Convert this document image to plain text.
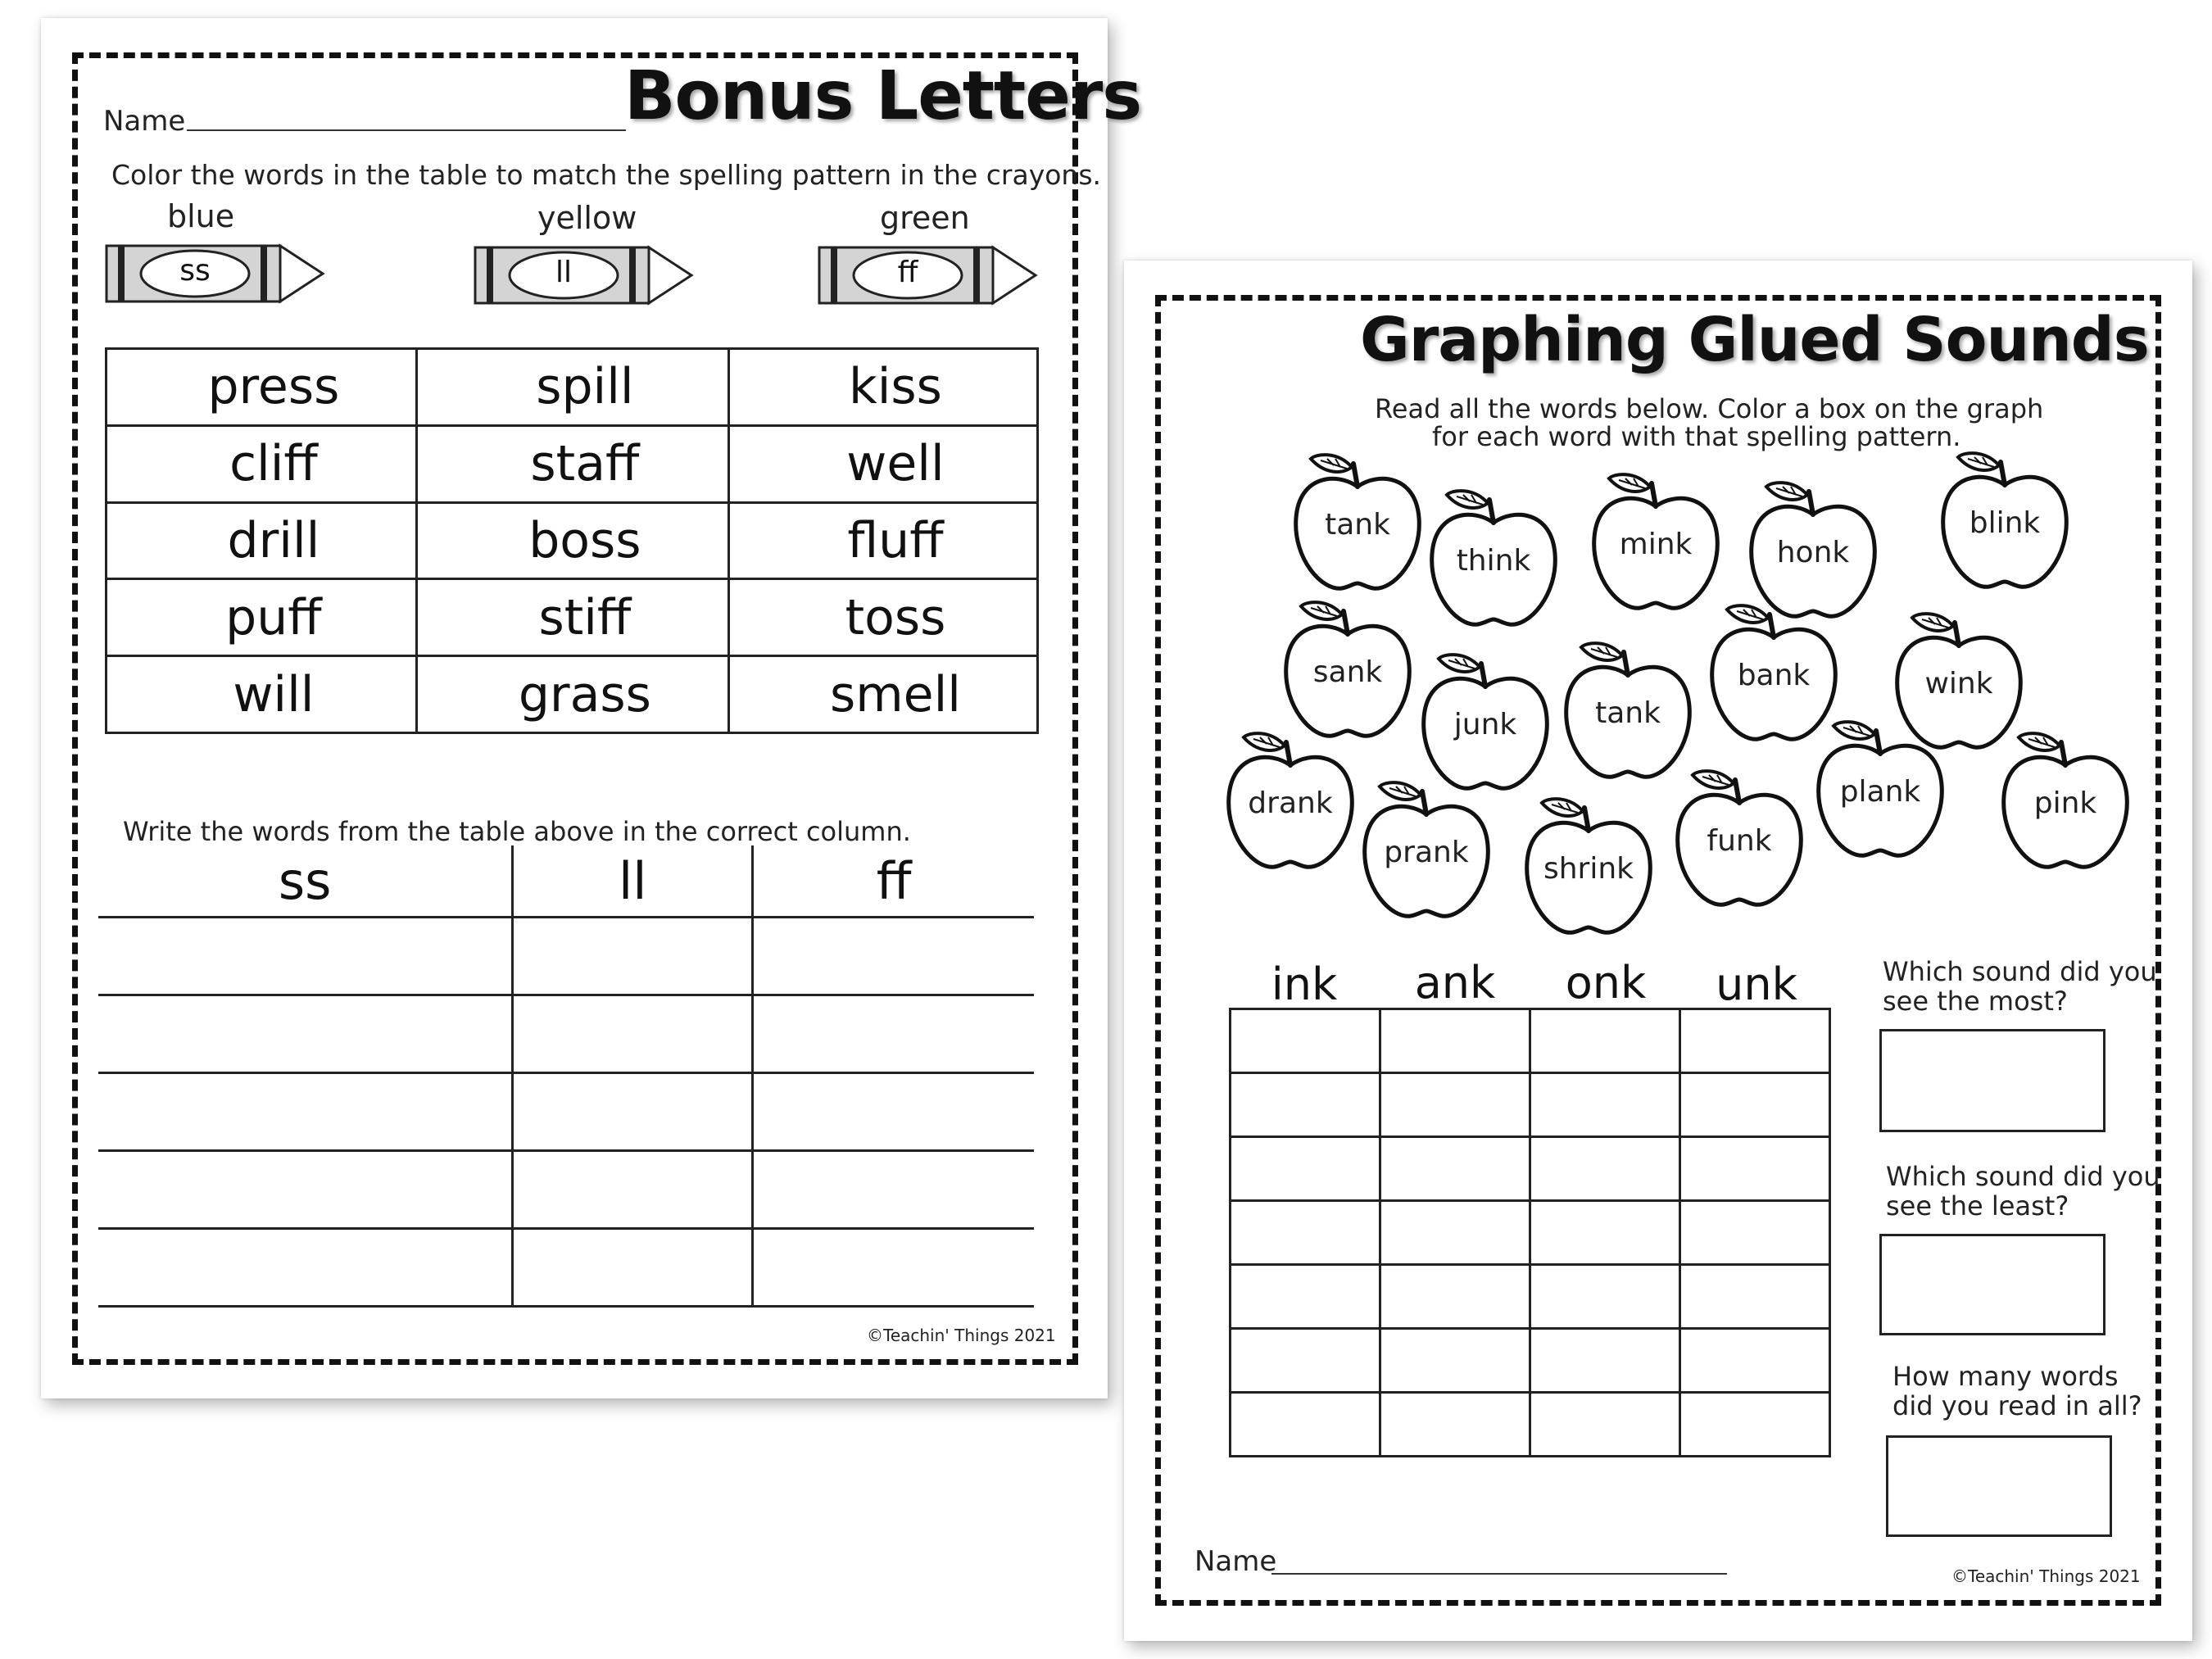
Bonus Letters
Name
Color the words in the table to match the spelling pattern in the crayons.
blue
ss
yellow
ll
green
ff
press	spill	kiss
cliff	staff	well
drill	boss	fluff
puff	stiff	toss
will	grass	smell
Write the words from the table above in the correct column.
ss	ll	ff

©Teachin' Things 2021
Graphing Glued Sounds
Read all the words below. Color a box on the graph
for each word with that spelling pattern.
ink	ank	onk	unk

				Which sound did you
see the most?
Which sound did you
see the least?
How many words
did you read in all?
Name	©Teachin' Things 2021
tank
think	mink	honk
blink
sank
junk	tank
bank	wink
drank
prank	shrink
funk
plank	pink
